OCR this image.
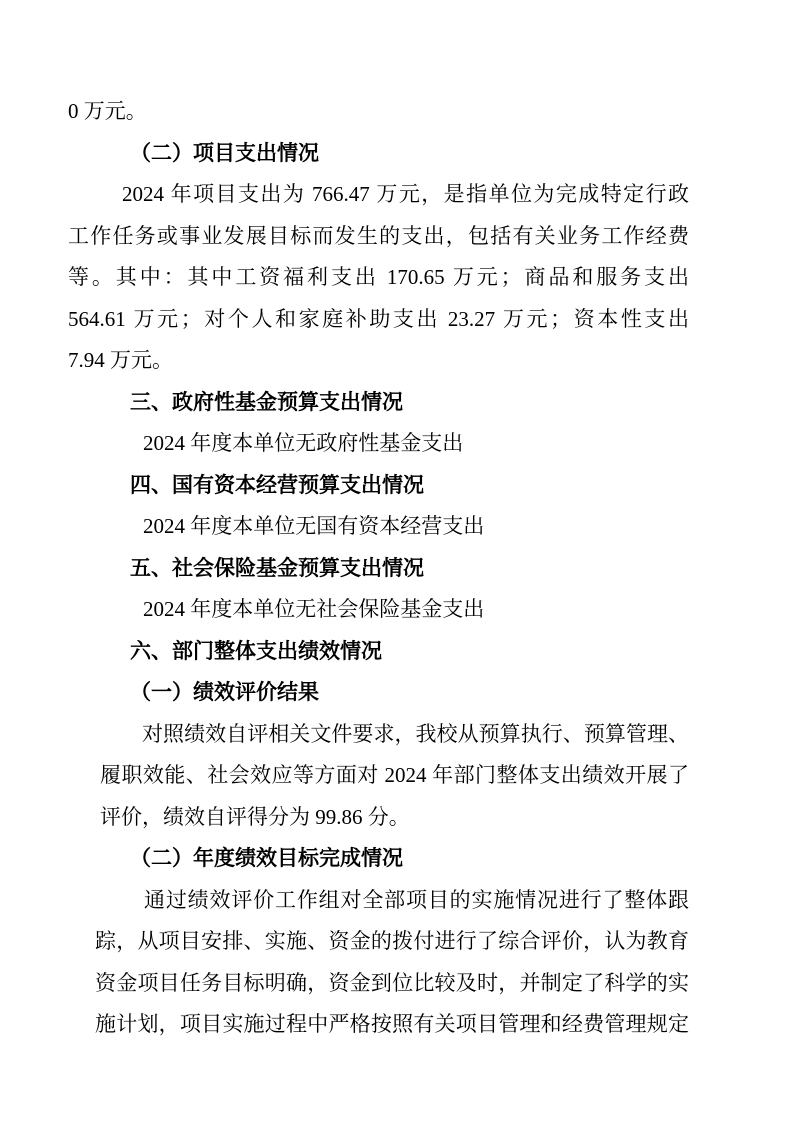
0 万元。

（二）项目支出情况

2024 年项目支出为 766.47 万元，是指单位为完成特定行政

工作任务或事业发展目标而发生的支出，包括有关业务工作经费

等。其中：其中工资福利支出 170.65 万元；商品和服务支出

564.61 万元；对个人和家庭补助支出 23.27 万元；资本性支出

7.94 万元。

三、政府性基金预算支出情况

2024 年度本单位无政府性基金支出

四、国有资本经营预算支出情况

2024 年度本单位无国有资本经营支出

五、社会保险基金预算支出情况

2024 年度本单位无社会保险基金支出

六、部门整体支出绩效情况
（一）绩效评价结果

对照绩效自评相关文件要求，我校从预算执行、预算管理、

履职效能、社会效应等方面对 2024 年部门整体支出绩效开展了

评价，绩效自评得分为 99.86 分。

（二）年度绩效目标完成情况

通过绩效评价工作组对全部项目的实施情况进行了整体跟

踪，从项目安排、实施、资金的拨付进行了综合评价，认为教育

资金项目任务目标明确，资金到位比较及时，并制定了科学的实

施计划，项目实施过程中严格按照有关项目管理和经费管理规定
